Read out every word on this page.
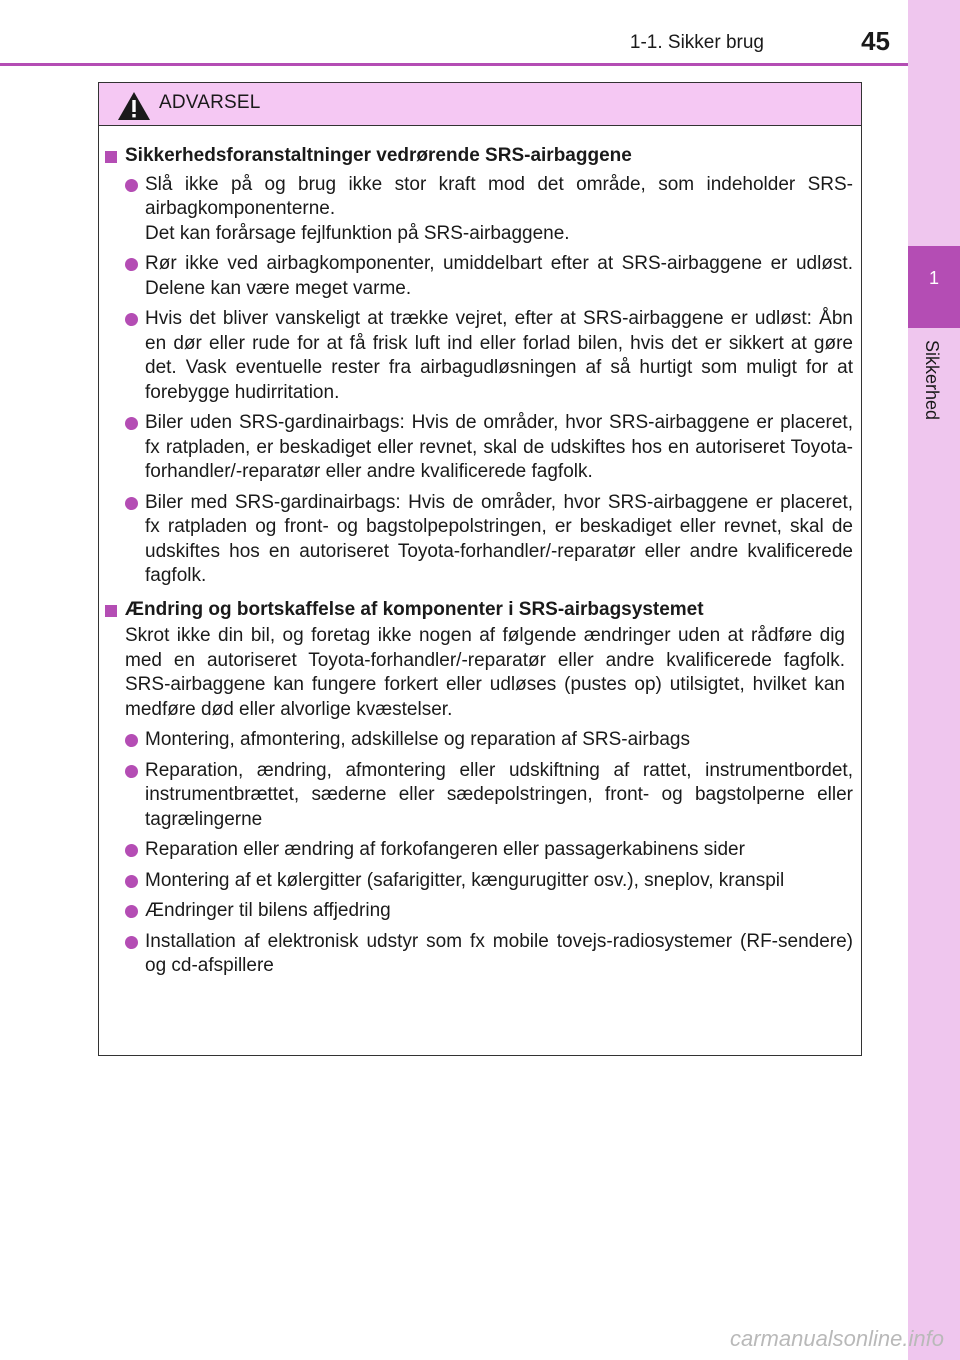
1
Sikkerhed
1-1. Sikker brug	45
ADVARSEL
Sikkerhedsforanstaltninger vedrørende SRS-airbaggene
Slå ikke på og brug ikke stor kraft mod det område, som indeholder SRS-airbagkomponenterne.
Det kan forårsage fejlfunktion på SRS-airbaggene.
Rør ikke ved airbagkomponenter, umiddelbart efter at SRS-airbaggene er udløst. Delene kan være meget varme.
Hvis det bliver vanskeligt at trække vejret, efter at SRS-airbaggene er udløst: Åbn en dør eller rude for at få frisk luft ind eller forlad bilen, hvis det er sikkert at gøre det. Vask eventuelle rester fra airbagudløsningen af så hurtigt som muligt for at forebygge hudirritation.
Biler uden SRS-gardinairbags: Hvis de områder, hvor SRS-airbaggene er placeret, fx ratpladen, er beskadiget eller revnet, skal de udskiftes hos en autoriseret Toyota-forhandler/-reparatør eller andre kvalificerede fagfolk.
Biler med SRS-gardinairbags: Hvis de områder, hvor SRS-airbaggene er placeret, fx ratpladen og front- og bagstolpepolstringen, er beskadiget eller revnet, skal de udskiftes hos en autoriseret Toyota-forhandler/-reparatør eller andre kvalificerede fagfolk.
Ændring og bortskaffelse af komponenter i SRS-airbagsystemet
Skrot ikke din bil, og foretag ikke nogen af følgende ændringer uden at rådføre dig med en autoriseret Toyota-forhandler/-reparatør eller andre kvalificerede fagfolk. SRS-airbaggene kan fungere forkert eller udløses (pustes op) utilsigtet, hvilket kan medføre død eller alvorlige kvæstelser.
Montering, afmontering, adskillelse og reparation af SRS-airbags
Reparation, ændring, afmontering eller udskiftning af rattet, instrumentbordet, instrumentbrættet, sæderne eller sædepolstringen, front- og bagstolperne eller tagrælingerne
Reparation eller ændring af forkofangeren eller passagerkabinens sider
Montering af et kølergitter (safarigitter, kængurugitter osv.), sneplov, kranspil
Ændringer til bilens affjedring
Installation af elektronisk udstyr som fx mobile tovejs-radiosystemer (RF-sendere) og cd-afspillere
carmanualsonline.info
